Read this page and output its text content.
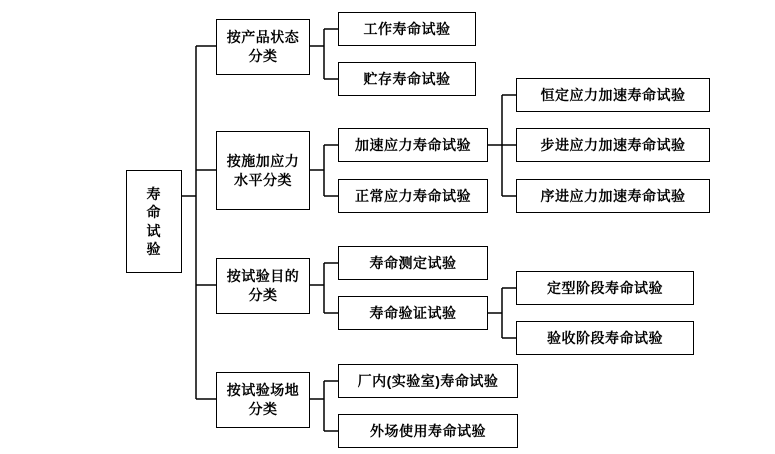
寿
命
试
验
按产品状态分类
按施加应力水平分类
按试验目的分类
按试验场地分类
工作寿命试验
贮存寿命试验
加速应力寿命试验
正常应力寿命试验
寿命测定试验
寿命验证试验
厂内(实验室)寿命试验
外场使用寿命试验
恒定应力加速寿命试验
步进应力加速寿命试验
序进应力加速寿命试验
定型阶段寿命试验
验收阶段寿命试验
